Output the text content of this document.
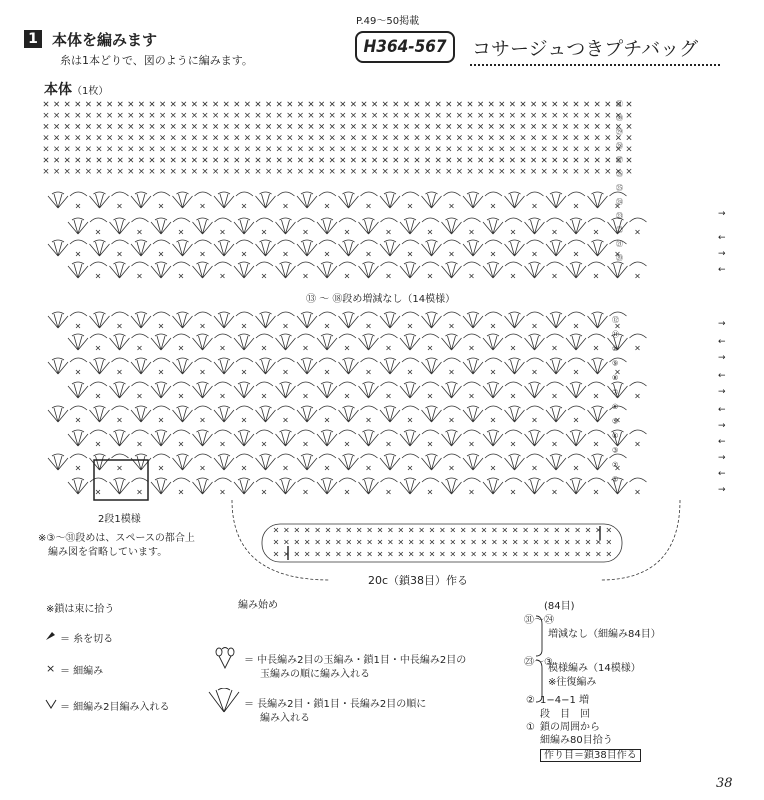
1 本体を編みます
糸は1本どりで、図のように編みます。
P.49〜50掲載
H364-567	コサージュつきプチバッグ
本体（1枚）
㉛
㉚
㉙
㉘
㉗
㉖
㉕
㉔
㉓
㉒
㉑
⑳
⑫
⑪
⑩
⑨
⑧
⑦
⑥
⑤
④
③
②
①
→
←
→
←
→
←
→
←
→
←
→
←
→
←
→
⑬ 〜 ⑱段め増減なし（14模様）
2段1模様
※③〜㉛段めは、スペースの都合上
編み図を省略しています。
20c（鎖38目）作る
編み始め
※鎖は束に拾う
＝ 糸を切る
× ＝ 細編み
＝ 細編み2目編み入れる
＝ 中長編み2目の玉編み・鎖1目・中長編み2目の
玉編みの順に編み入れる
＝ 長編み2目・鎖1目・長編み2目の順に
編み入れる
(84目)
㉛〜㉔
増減なし（細編み84目）
㉓〜③
模様編み（14模様）
※往復編み
② 1−4−1 増
段　目　回
① 鎖の周囲から
細編み80目拾う
作り目＝鎖38目作る
38
